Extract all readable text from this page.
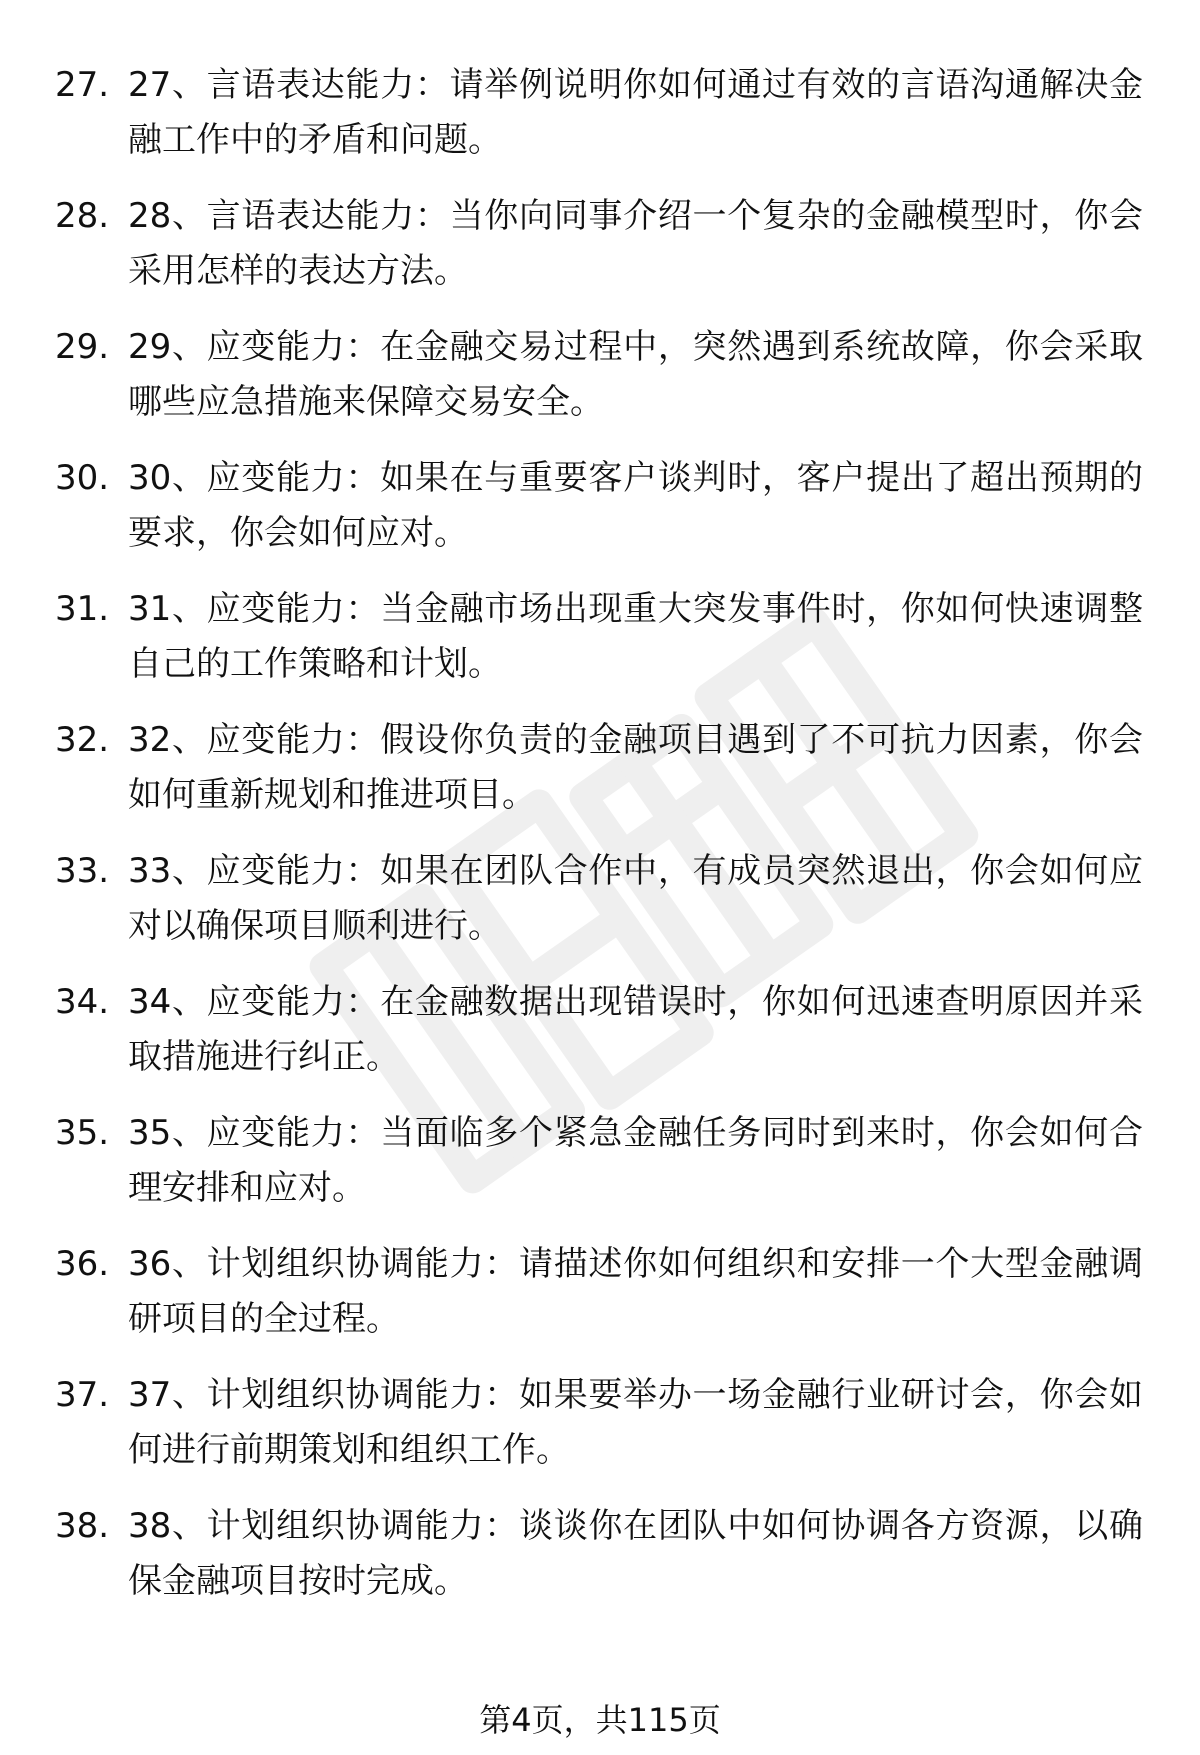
27. 27、言语表达能力：请举例说明你如何通过有效的言语沟通解决金融工作中的矛盾和问题。
28. 28、言语表达能力：当你向同事介绍一个复杂的金融模型时，你会采用怎样的表达方法。
29. 29、应变能力：在金融交易过程中，突然遇到系统故障，你会采取哪些应急措施来保障交易安全。
30. 30、应变能力：如果在与重要客户谈判时，客户提出了超出预期的要求，你会如何应对。
31. 31、应变能力：当金融市场出现重大突发事件时，你如何快速调整自己的工作策略和计划。
32. 32、应变能力：假设你负责的金融项目遇到了不可抗力因素，你会如何重新规划和推进项目。
33. 33、应变能力：如果在团队合作中，有成员突然退出，你会如何应对以确保项目顺利进行。
34. 34、应变能力：在金融数据出现错误时，你如何迅速查明原因并采取措施进行纠正。
35. 35、应变能力：当面临多个紧急金融任务同时到来时，你会如何合理安排和应对。
36. 36、计划组织协调能力：请描述你如何组织和安排一个大型金融调研项目的全过程。
37. 37、计划组织协调能力：如果要举办一场金融行业研讨会，你会如何进行前期策划和组织工作。
38. 38、计划组织协调能力：谈谈你在团队中如何协调各方资源，以确保金融项目按时完成。
第4页，共115页
